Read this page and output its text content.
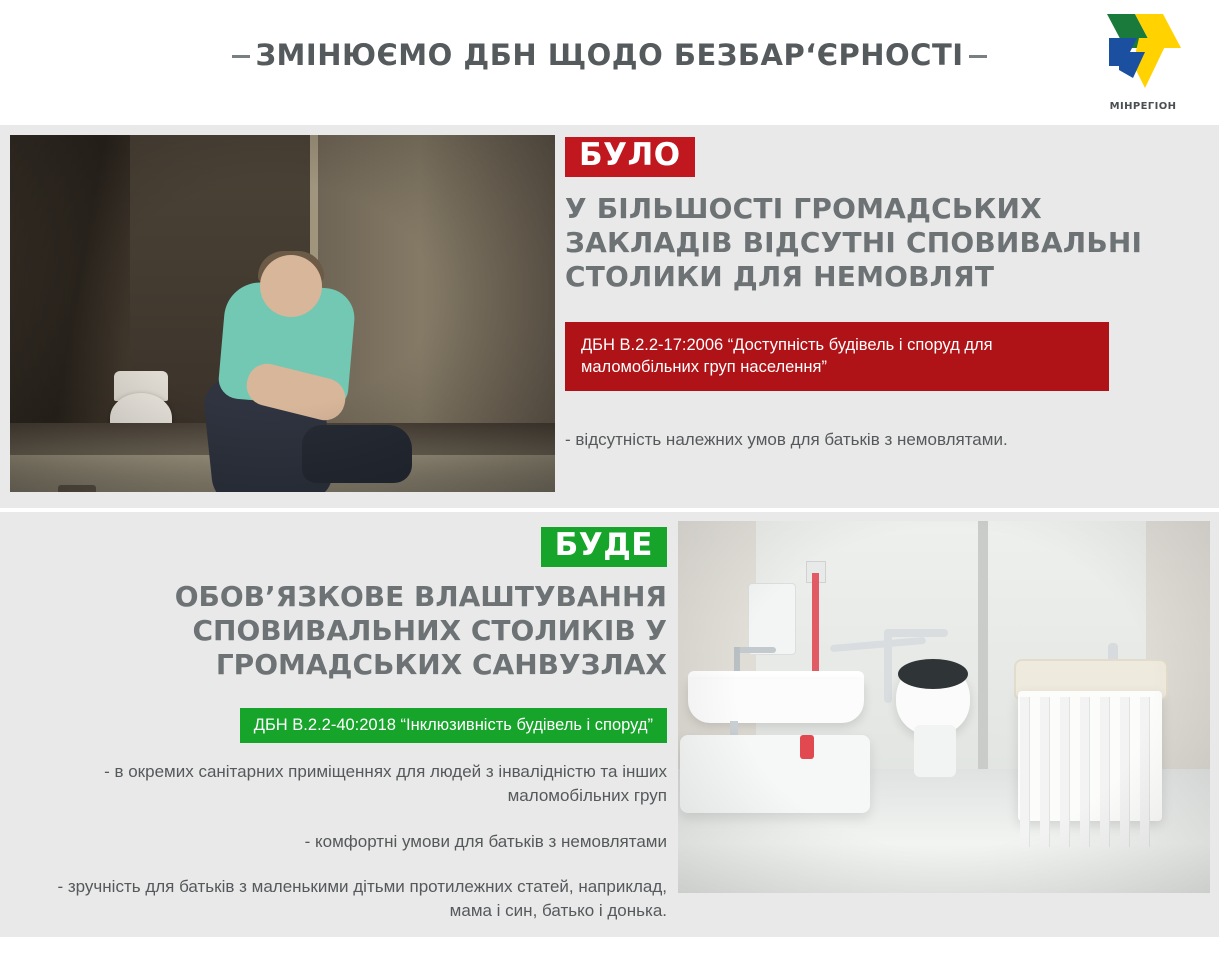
ЗМІНЮЄМО ДБН ЩОДО БЕЗБАР‘ЄРНОСТІ
МІНРЕГІОН
БУЛО
У БІЛЬШОСТІ ГРОМАДСЬКИХ ЗАКЛАДІВ ВІДСУТНІ СПОВИВАЛЬНІ СТОЛИКИ ДЛЯ НЕМОВЛЯТ
ДБН В.2.2-17:2006 “Доступність будівель і споруд для маломобільних груп населення”
- відсутність належних умов для батьків з немовлятами.
БУДЕ
ОБОВ’ЯЗКОВЕ ВЛАШТУВАННЯ СПОВИВАЛЬНИХ СТОЛИКІВ У ГРОМАДСЬКИХ САНВУЗЛАХ
ДБН В.2.2-40:2018 “Інклюзивність будівель і споруд”

- в окремих санітарних приміщеннях для людей з інвалідністю та інших маломобільних груп

- комфортні умови для батьків з немовлятами

- зручність для батьків з маленькими дітьми протилежних статей, наприклад, мама і син, батько і донька.
